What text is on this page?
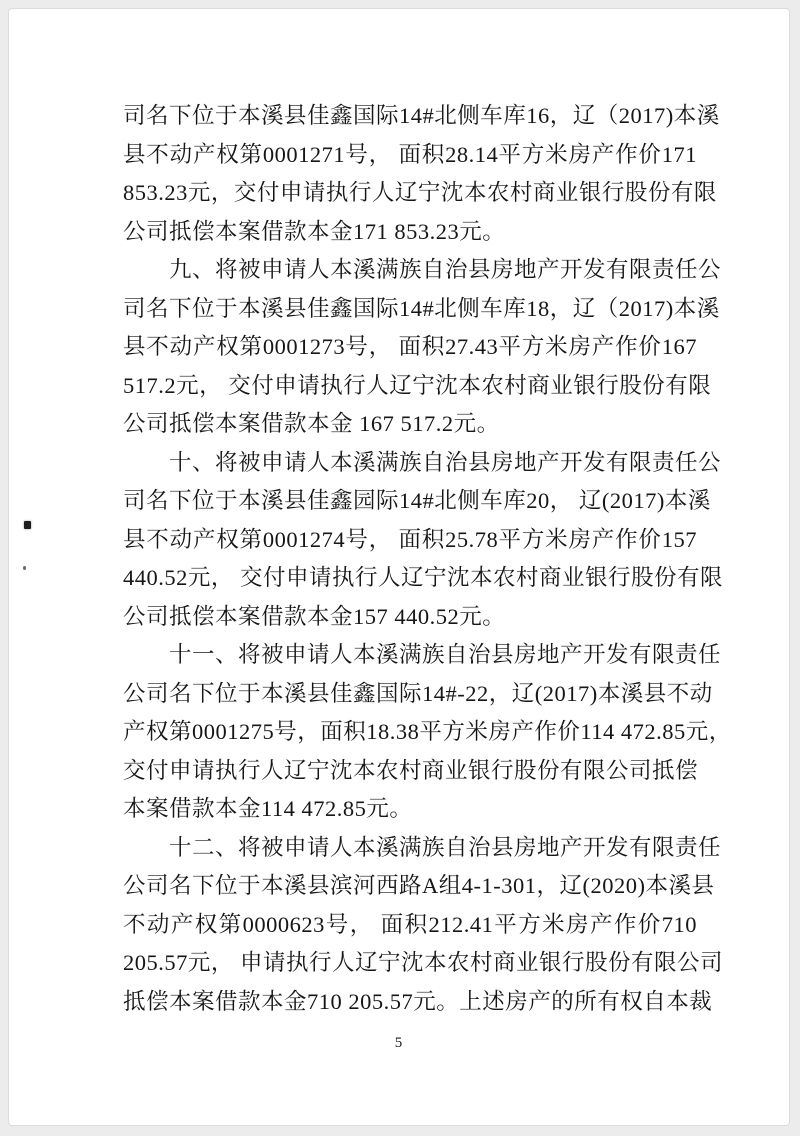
司名下位于本溪县佳鑫国际14#北侧车库16，辽（2017)本溪
县不动产权第0001271号， 面积28.14平方米房产作价171
853.23元，交付申请执行人辽宁沈本农村商业银行股份有限
公司抵偿本案借款本金171 853.23元。
九、将被申请人本溪满族自治县房地产开发有限责任公
司名下位于本溪县佳鑫国际14#北侧车库18，辽（2017)本溪
县不动产权第0001273号， 面积27.43平方米房产作价167
517.2元， 交付申请执行人辽宁沈本农村商业银行股份有限
公司抵偿本案借款本金 167 517.2元。
十、将被申请人本溪满族自治县房地产开发有限责任公
司名下位于本溪县佳鑫园际14#北侧车库20， 辽(2017)本溪
县不动产权第0001274号， 面积25.78平方米房产作价157
440.52元， 交付申请执行人辽宁沈本农村商业银行股份有限
公司抵偿本案借款本金157 440.52元。
十一、将被申请人本溪满族自治县房地产开发有限责任
公司名下位于本溪县佳鑫国际14#-22，辽(2017)本溪县不动
产权第0001275号，面积18.38平方米房产作价114 472.85元，
交付申请执行人辽宁沈本农村商业银行股份有限公司抵偿
本案借款本金114 472.85元。
十二、将被申请人本溪满族自治县房地产开发有限责任
公司名下位于本溪县滨河西路A组4-1-301，辽(2020)本溪县
不动产权第0000623号， 面积212.41平方米房产作价710
205.57元， 申请执行人辽宁沈本农村商业银行股份有限公司
抵偿本案借款本金710 205.57元。上述房产的所有权自本裁
5
